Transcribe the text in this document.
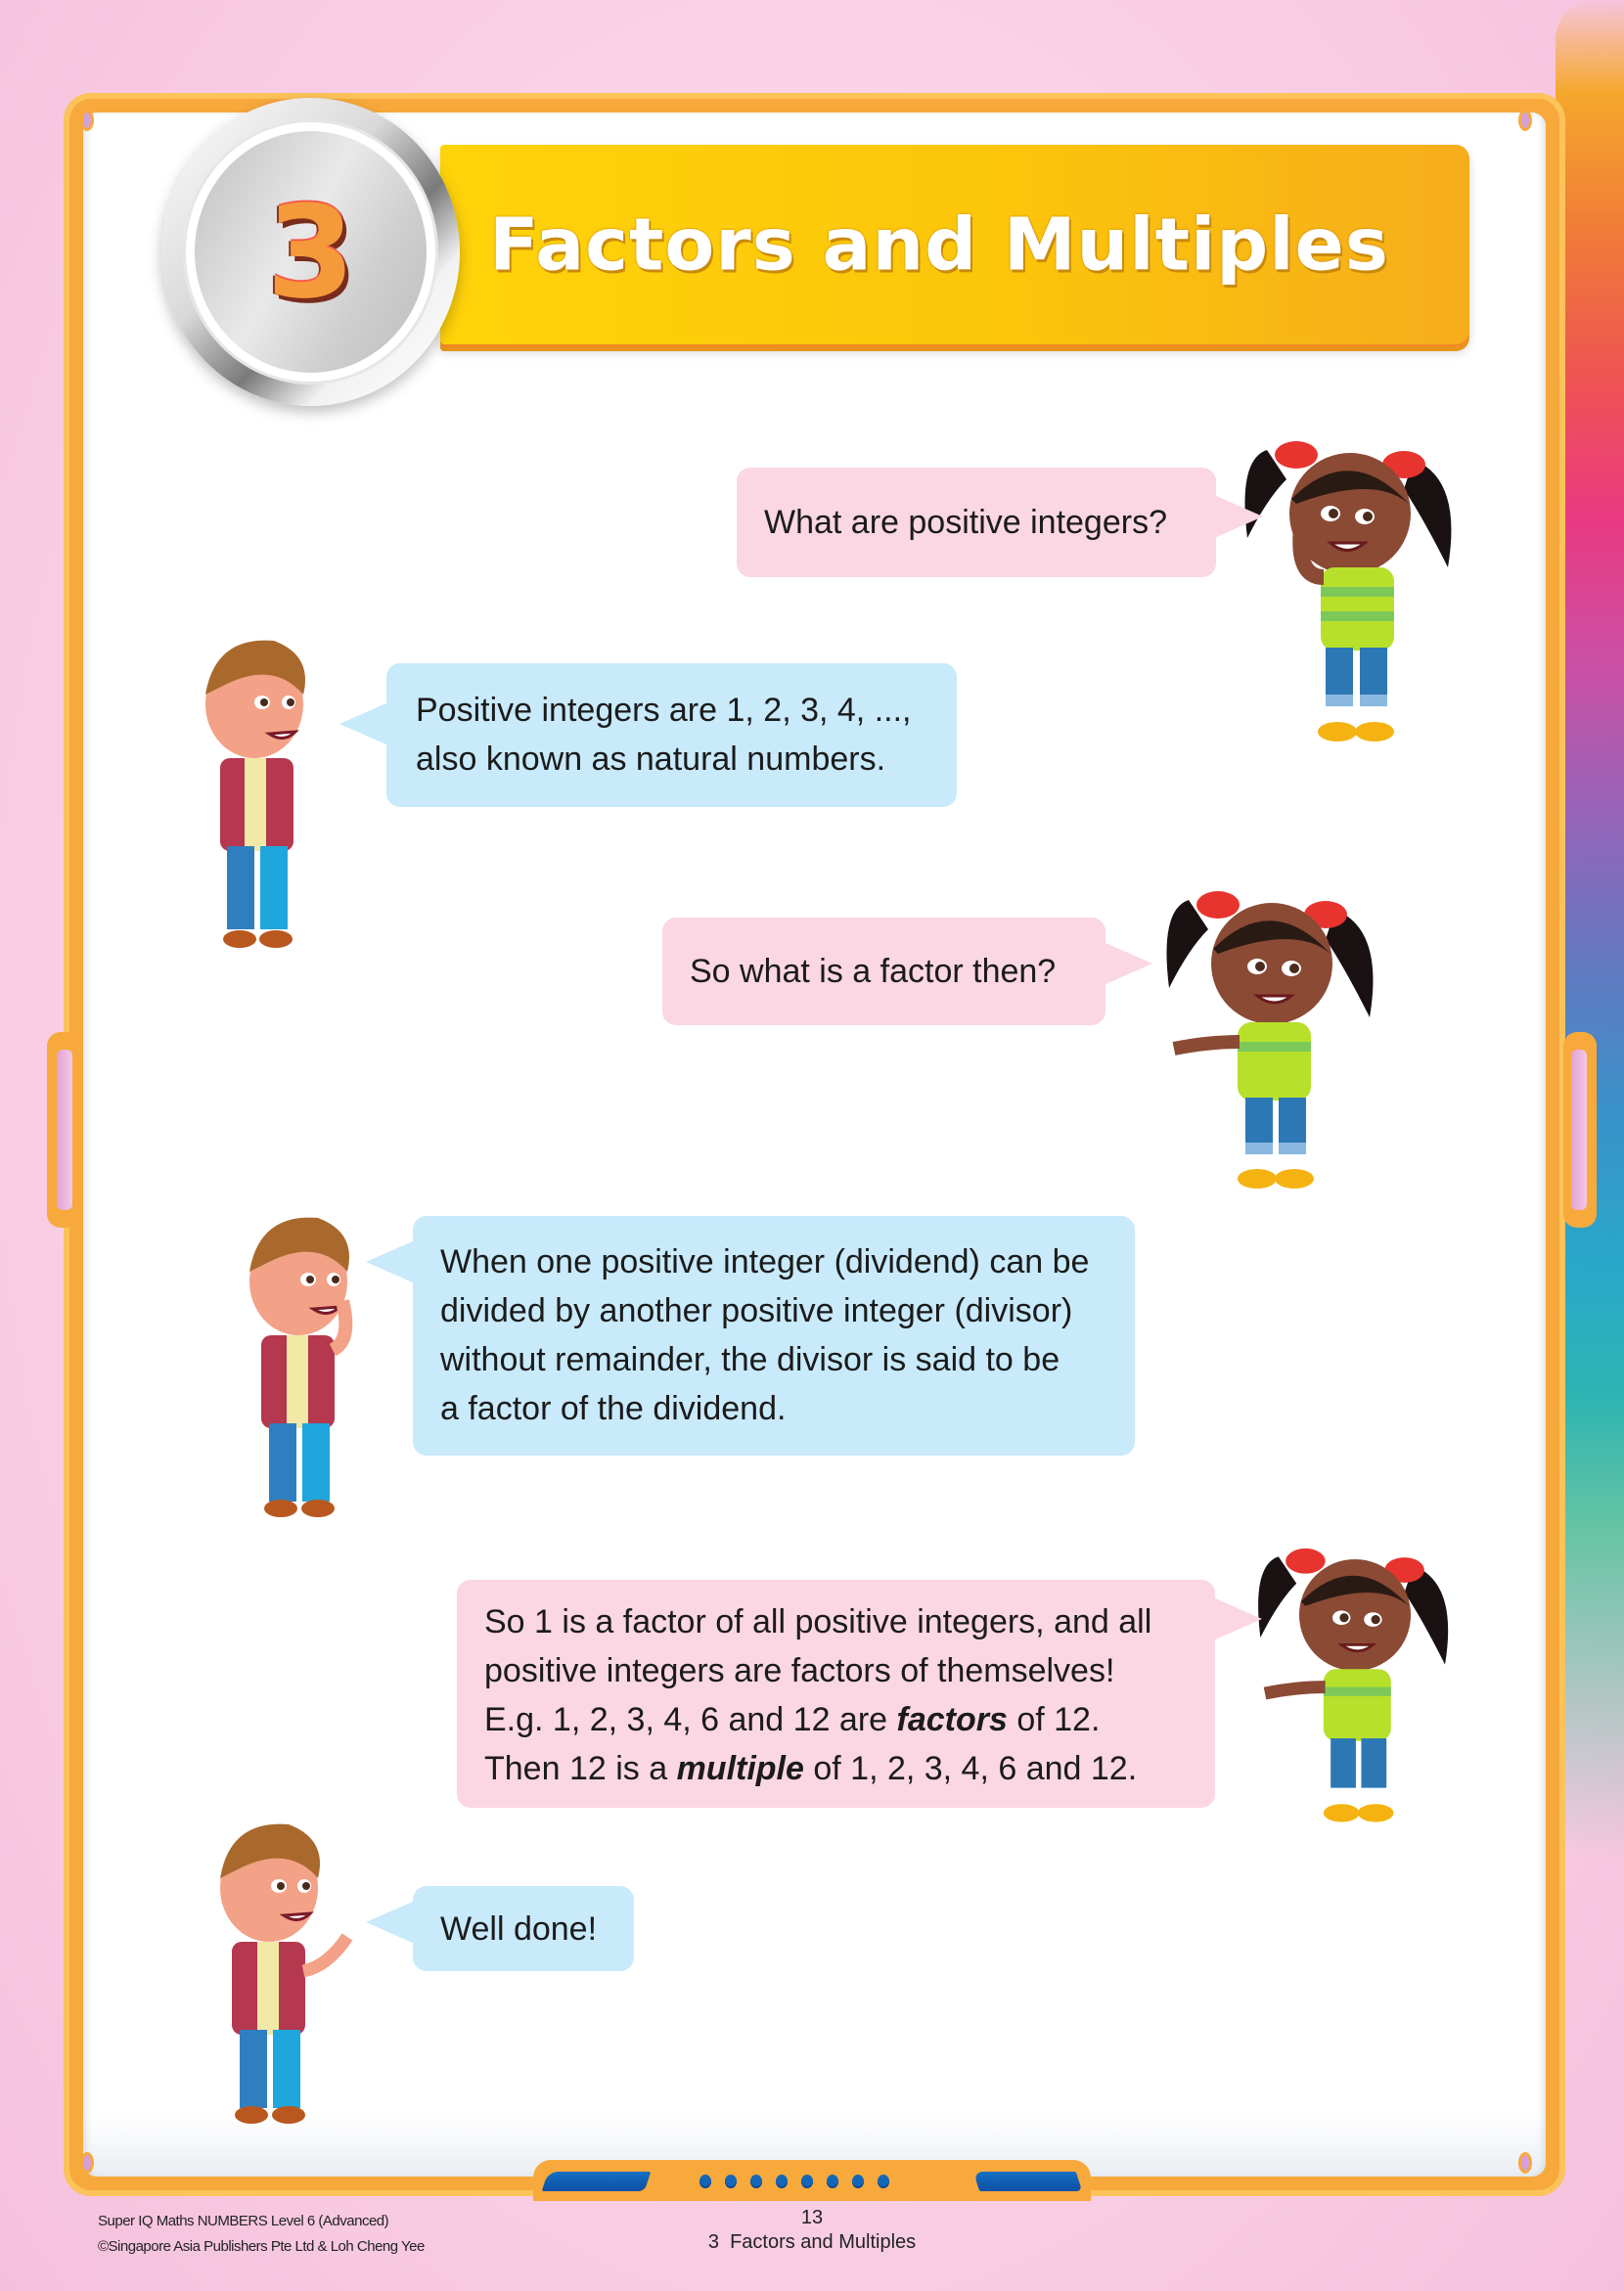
Factors and Multiples
3
What are positive integers?
Positive integers are 1, 2, 3, 4, ...,
also known as natural numbers.
So what is a factor then?
When one positive integer (dividend) can be
divided by another positive integer (divisor)
without remainder, the divisor is said to be
a factor of the dividend.
So 1 is a factor of all positive integers, and all
positive integers are factors of themselves!
E.g. 1, 2, 3, 4, 6 and 12 are factors of 12.
Then 12 is a multiple of 1, 2, 3, 4, 6 and 12.
Well done!
Super IQ Maths NUMBERS Level 6 (Advanced)
©Singapore Asia Publishers Pte Ltd & Loh Cheng Yee
13
3  Factors and Multiples
